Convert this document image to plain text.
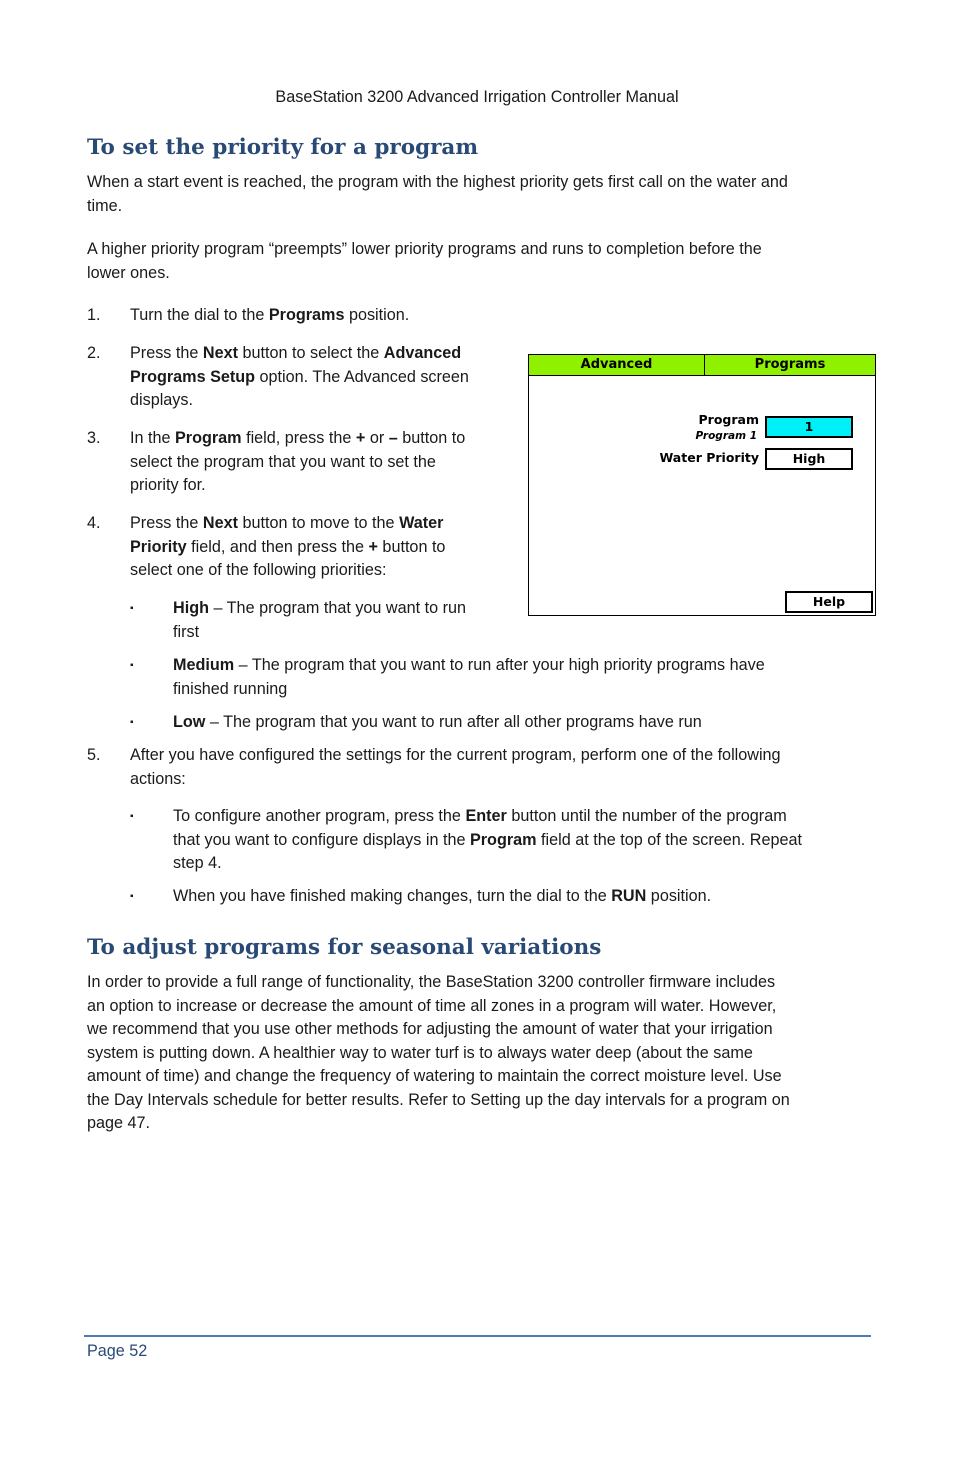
BaseStation 3200 Advanced Irrigation Controller Manual
To set the priority for a program
When a start event is reached, the program with the highest priority gets first call on the water and
time.
A higher priority program “preempts” lower priority programs and runs to completion before the
lower ones.
1. Turn the dial to the Programs position.
2. Press the Next button to select the Advanced
Programs Setup option. The Advanced screen
displays.
3. In the Program field, press the + or – button to
select the program that you want to set the
priority for.
4. Press the Next button to move to the Water
Priority field, and then press the + button to
select one of the following priorities:
5. After you have configured the settings for the current program, perform one of the following
actions:
▪ High – The program that you want to run
first
▪ Medium – The program that you want to run after your high priority programs have
finished running
▪ Low – The program that you want to run after all other programs have run
▪ To configure another program, press the Enter button until the number of the program
that you want to configure displays in the Program field at the top of the screen. Repeat
step 4.
▪ When you have finished making changes, turn the dial to the RUN position.
Advanced	Programs
Program
Program 1
1
Water Priority	High
Help
To adjust programs for seasonal variations
In order to provide a full range of functionality, the BaseStation 3200 controller firmware includes
an option to increase or decrease the amount of time all zones in a program will water. However,
we recommend that you use other methods for adjusting the amount of water that your irrigation
system is putting down. A healthier way to water turf is to always water deep (about the same
amount of time) and change the frequency of watering to maintain the correct moisture level. Use
the Day Intervals schedule for better results. Refer to Setting up the day intervals for a program on
page 47.
Page 52
